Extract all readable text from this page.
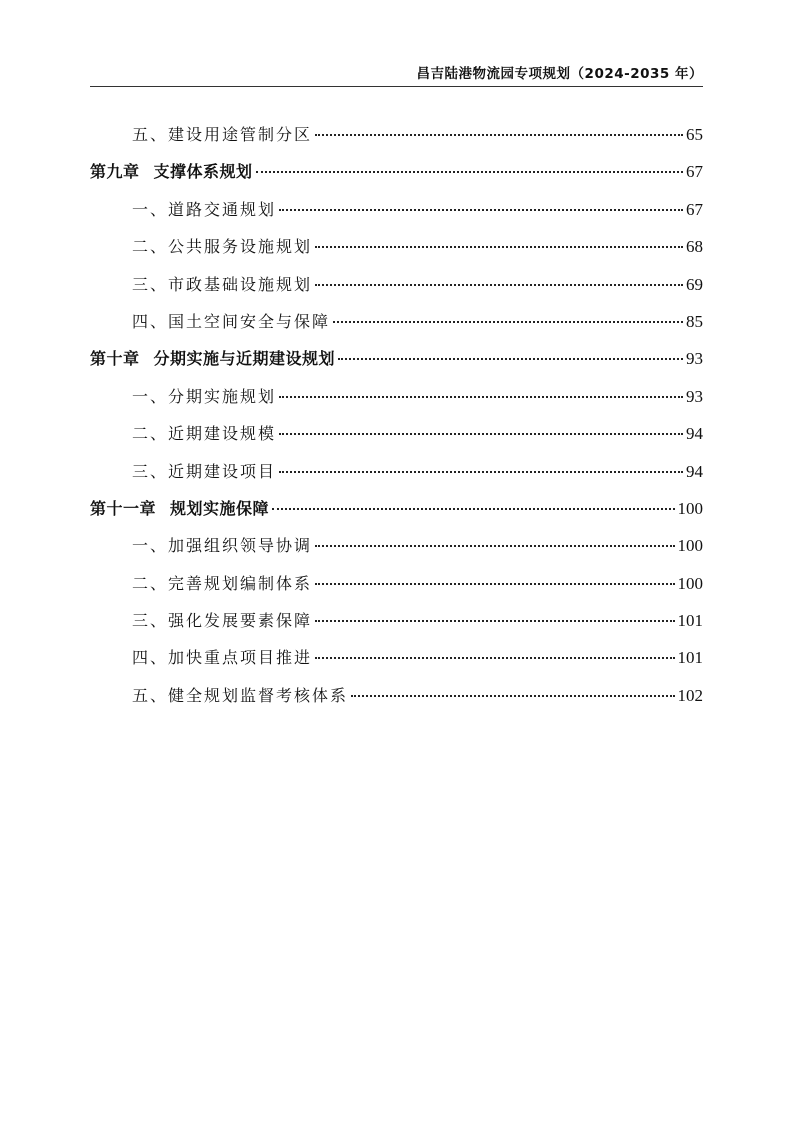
昌吉陆港物流园专项规划（2024-2035 年）
五、建设用途管制分区	65
第九章 支撑体系规划	67
一、道路交通规划	67
二、公共服务设施规划	68
三、市政基础设施规划	69
四、国土空间安全与保障	85
第十章 分期实施与近期建设规划	93
一、分期实施规划	93
二、近期建设规模	94
三、近期建设项目	94
第十一章 规划实施保障	100
一、加强组织领导协调	100
二、完善规划编制体系	100
三、强化发展要素保障	101
四、加快重点项目推进	101
五、健全规划监督考核体系	102
